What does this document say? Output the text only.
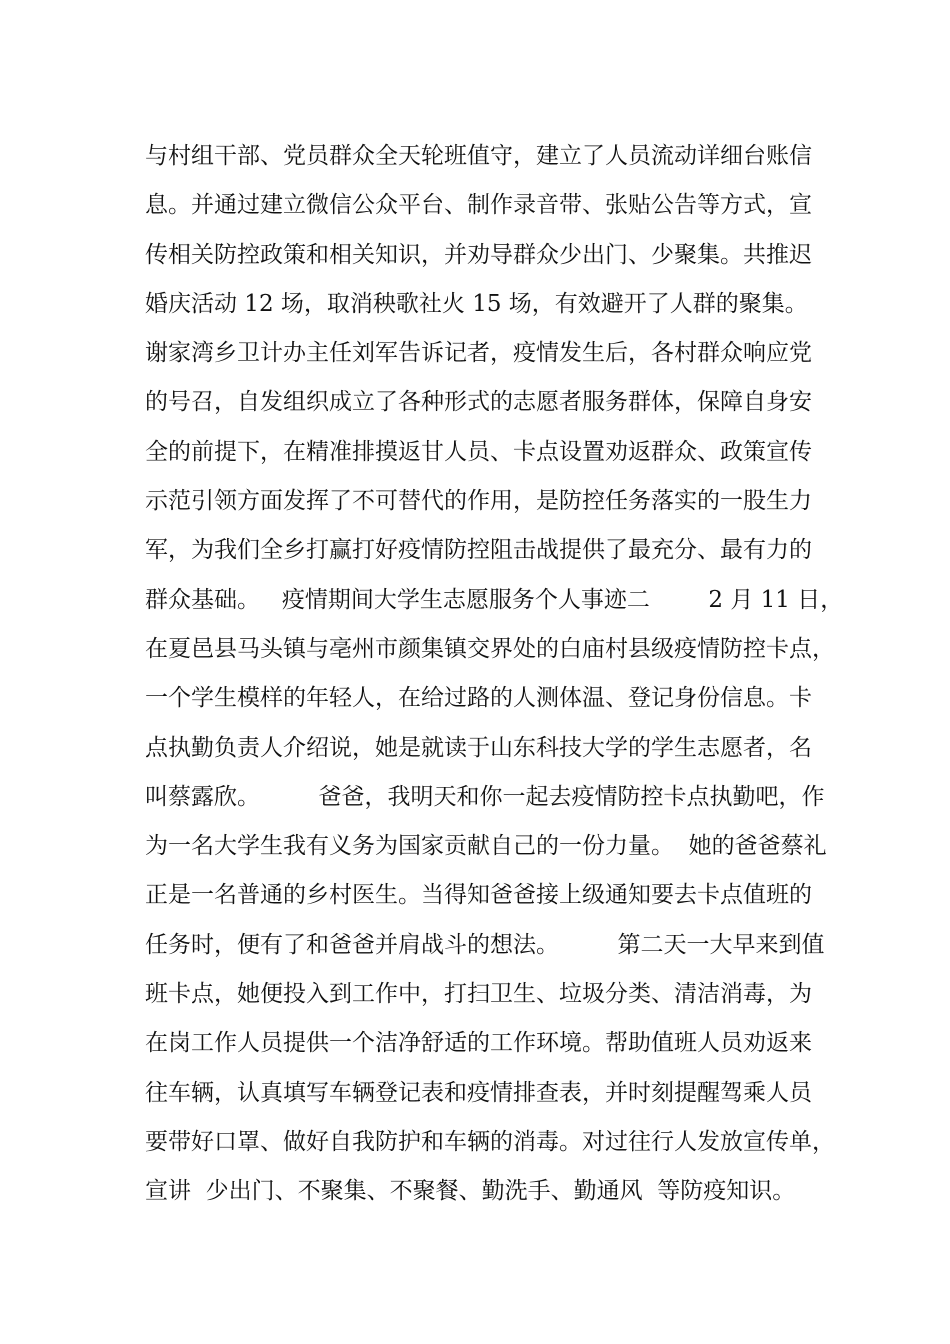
与村组干部、党员群众全天轮班值守，建立了人员流动详细台账信
息。并通过建立微信公众平台、制作录音带、张贴公告等方式，宣
传相关防控政策和相关知识，并劝导群众少出门、少聚集。共推迟
婚庆活动 12 场，取消秧歌社火 15 场，有效避开了人群的聚集。
谢家湾乡卫计办主任刘军告诉记者，疫情发生后，各村群众响应党
的号召，自发组织成立了各种形式的志愿者服务群体，保障自身安
全的前提下，在精准排摸返甘人员、卡点设置劝返群众、政策宣传
示范引领方面发挥了不可替代的作用，是防控任务落实的一股生力
军，为我们全乡打赢打好疫情防控阻击战提供了最充分、最有力的
群众基础。   疫情期间大学生志愿服务个人事迹二        2 月 11 日，
在夏邑县马头镇与亳州市颜集镇交界处的白庙村县级疫情防控卡点，
一个学生模样的年轻人，在给过路的人测体温、登记身份信息。卡
点执勤负责人介绍说，她是就读于山东科技大学的学生志愿者，名
叫蔡露欣。        爸爸，我明天和你一起去疫情防控卡点执勤吧，作
为一名大学生我有义务为国家贡献自己的一份力量。  她的爸爸蔡礼
正是一名普通的乡村医生。当得知爸爸接上级通知要去卡点值班的
任务时，便有了和爸爸并肩战斗的想法。        第二天一大早来到值
班卡点，她便投入到工作中，打扫卫生、垃圾分类、清洁消毒，为
在岗工作人员提供一个洁净舒适的工作环境。帮助值班人员劝返来
往车辆，认真填写车辆登记表和疫情排查表，并时刻提醒驾乘人员
要带好口罩、做好自我防护和车辆的消毒。对过往行人发放宣传单，
宣讲  少出门、不聚集、不聚餐、勤洗手、勤通风  等防疫知识。
